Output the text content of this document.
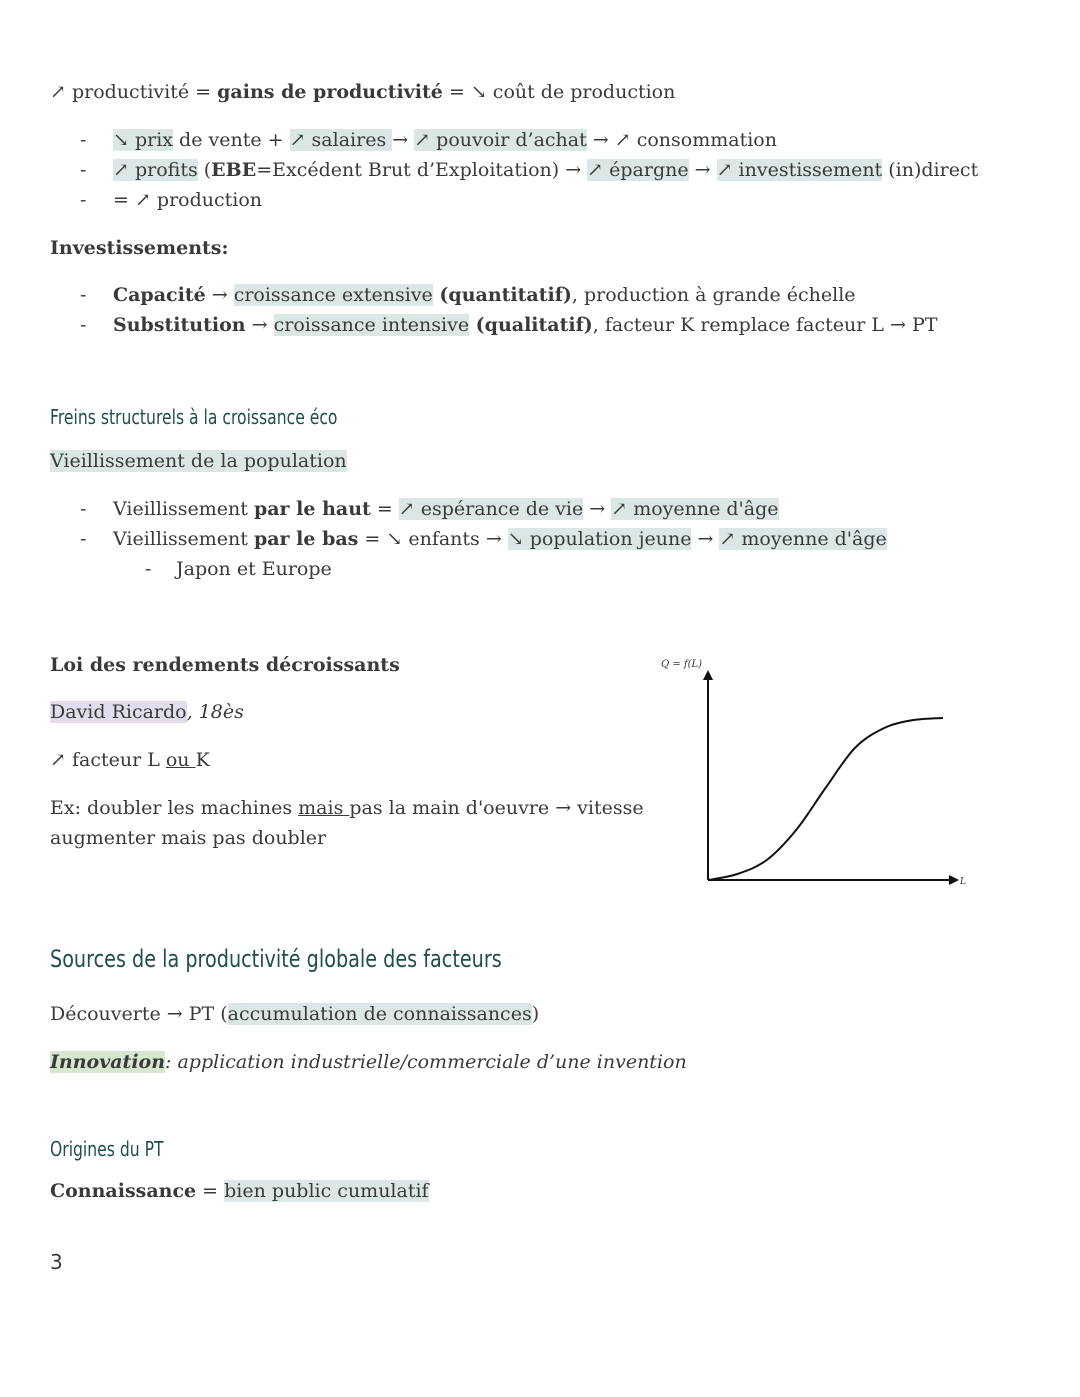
↗ productivité = gains de productivité = ↘ coût de production
- ↘ prix de vente + ↗ salaires → ↗ pouvoir d’achat → ↗ consommation
- ↗ profits (EBE=Excédent Brut d’Exploitation) → ↗ épargne → ↗ investissement (in)direct
- = ↗ production
Investissements:
- Capacité → croissance extensive (quantitatif), production à grande échelle
- Substitution → croissance intensive (qualitatif), facteur K remplace facteur L → PT
Freins structurels à la croissance éco
Vieillissement de la population
- Vieillissement par le haut = ↗ espérance de vie → ↗ moyenne d'âge
- Vieillissement par le bas = ↘ enfants → ↘ population jeune → ↗ moyenne d'âge
- Japon et Europe
Loi des rendements décroissants
David Ricardo, 18ès
↗ facteur L ou K
Ex: doubler les machines mais pas la main d'oeuvre → vitesse
augmenter mais pas doubler
Q = f(L)
L
Sources de la productivité globale des facteurs
Découverte → PT (accumulation de connaissances)
Innovation: application industrielle/commerciale d’une invention
Origines du PT
Connaissance = bien public cumulatif
3
